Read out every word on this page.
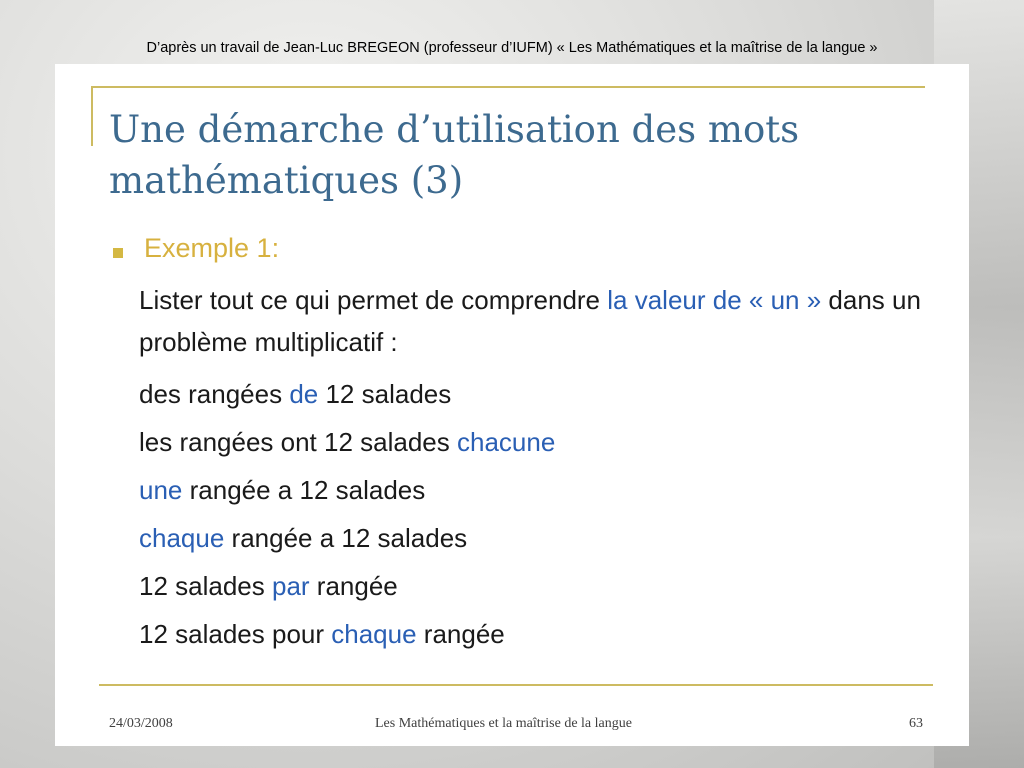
D’après un travail de Jean-Luc BREGEON (professeur d’IUFM) « Les Mathématiques et la maîtrise de la langue »
Une démarche d’utilisation des mots
mathématiques (3)
Exemple 1:

Lister tout ce qui permet de comprendre la valeur de « un » dans un problème multiplicatif :

des rangées de 12 salades

les rangées ont 12 salades chacune

une rangée a 12 salades

chaque rangée a 12 salades

12 salades par rangée

12 salades pour chaque rangée

24/03/2008	Les Mathématiques et la maîtrise de la langue	63
